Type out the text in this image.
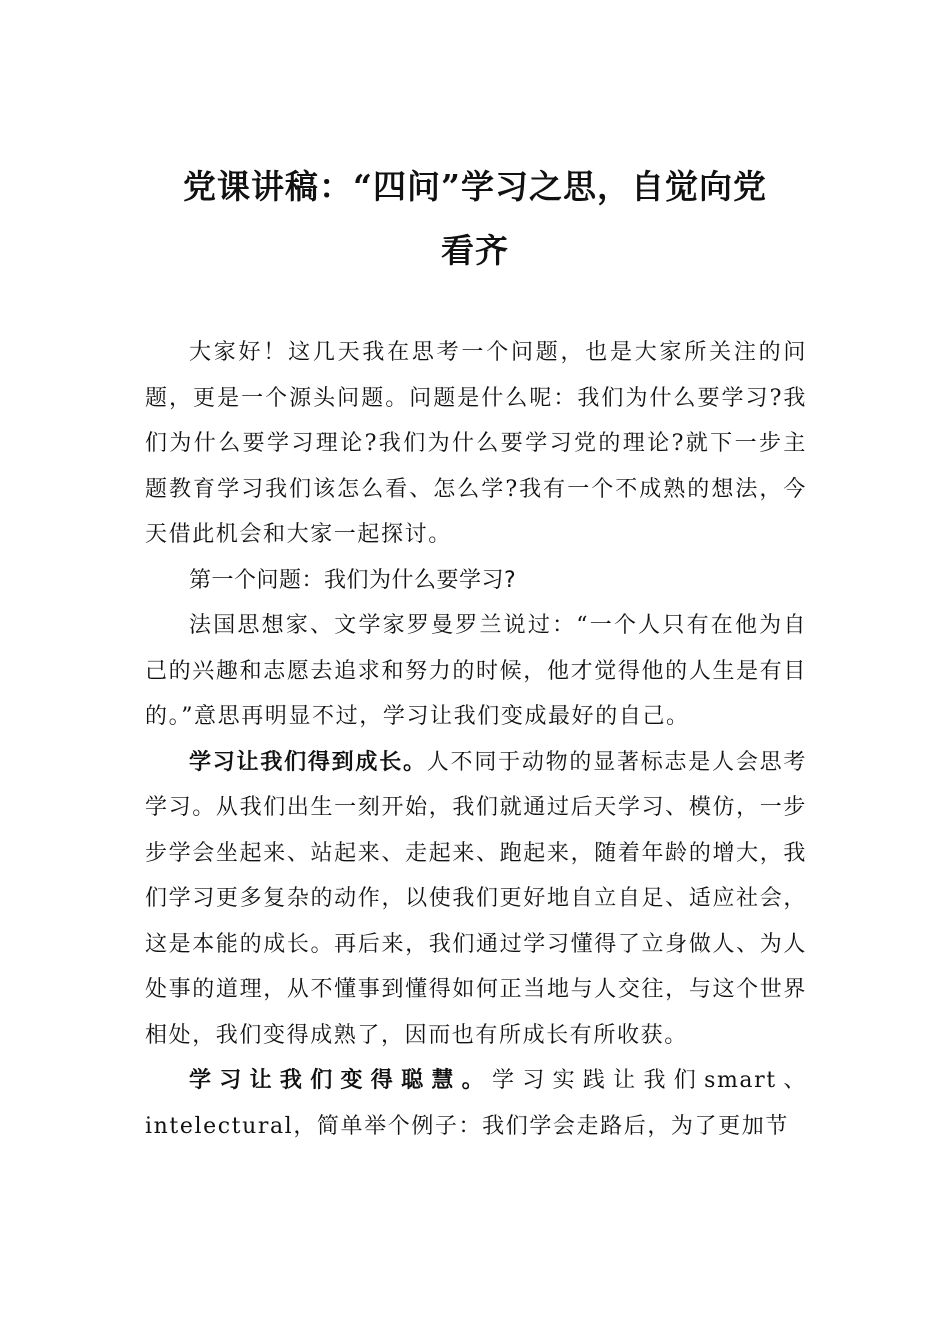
党课讲稿：“四问”学习之思，自觉向党
看齐

大家好！这几天我在思考一个问题，也是大家所关注的问题，更是一个源头问题。问题是什么呢：我们为什么要学习?我们为什么要学习理论?我们为什么要学习党的理论?就下一步主题教育学习我们该怎么看、怎么学?我有一个不成熟的想法，今天借此机会和大家一起探讨。

第一个问题：我们为什么要学习?

法国思想家、文学家罗曼罗兰说过：“一个人只有在他为自己的兴趣和志愿去追求和努力的时候，他才觉得他的人生是有目的。”意思再明显不过，学习让我们变成最好的自己。

学习让我们得到成长。人不同于动物的显著标志是人会思考学习。从我们出生一刻开始，我们就通过后天学习、模仿，一步步学会坐起来、站起来、走起来、跑起来，随着年龄的增大，我们学习更多复杂的动作，以使我们更好地自立自足、适应社会，这是本能的成长。再后来，我们通过学习懂得了立身做人、为人处事的道理，从不懂事到懂得如何正当地与人交往，与这个世界相处，我们变得成熟了，因而也有所成长有所收获。

学习让我们变得聪慧。学习实践让我们smart、intelectural，简单举个例子：我们学会走路后，为了更加节
